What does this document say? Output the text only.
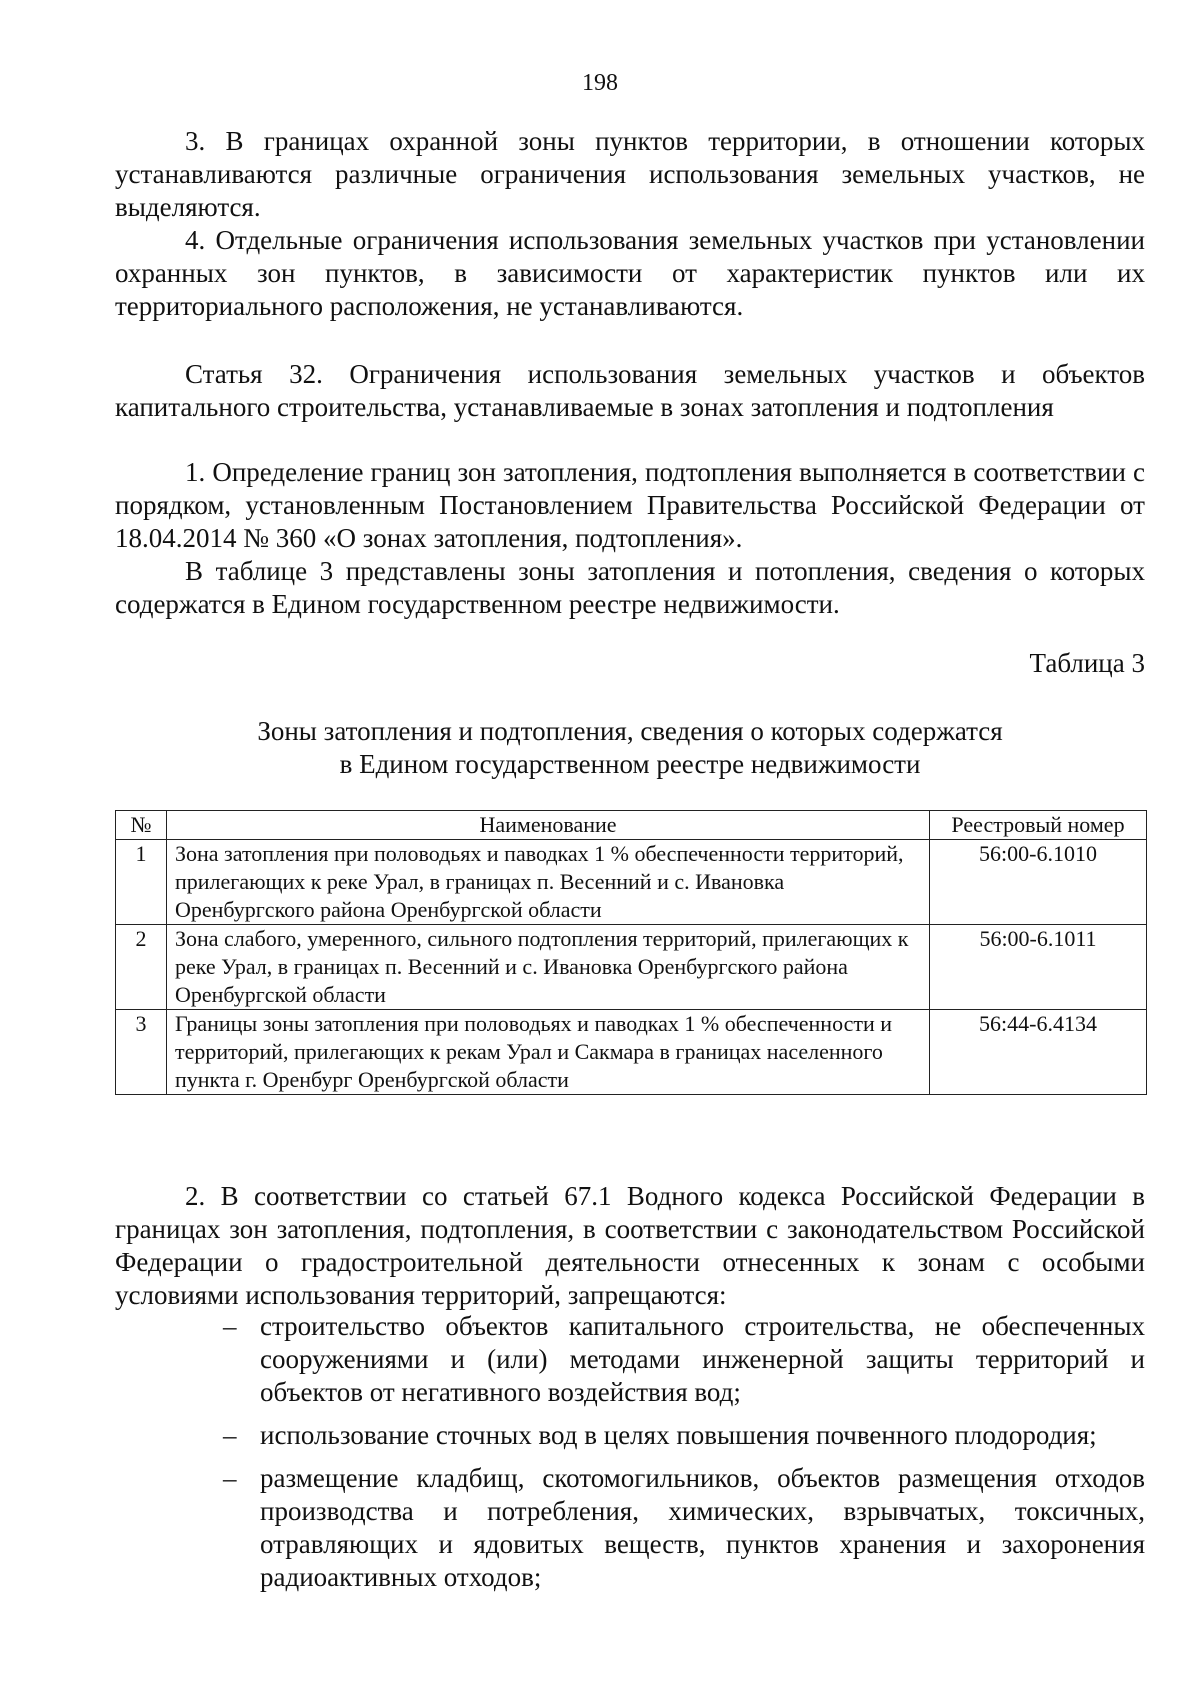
198

3. В границах охранной зоны пунктов территории, в отношении которых устанавливаются различные ограничения использования земельных участков, не выделяются.

4. Отдельные ограничения использования земельных участков при установлении охранных зон пунктов, в зависимости от характеристик пунктов или их территориального расположения, не устанавливаются.

Статья 32. Ограничения использования земельных участков и объектов капитального строительства, устанавливаемые в зонах затопления и подтопления

1. Определение границ зон затопления, подтопления выполняется в соответствии с порядком, установленным Постановлением Правительства Российской Федерации от 18.04.2014 № 360 «О зонах затопления, подтопления».

В таблице 3 представлены зоны затопления и потопления, сведения о которых содержатся в Едином государственном реестре недвижимости.

Таблица 3
Зоны затопления и подтопления, сведения о которых содержатся
в Едином государственном реестре недвижимости
№	Наименование	Реестровый номер
1	Зона затопления при половодьях и паводках 1 % обеспеченности территорий, прилегающих к реке Урал, в границах п. Весенний и с. Ивановка Оренбургского района Оренбургской области	56:00-6.1010
2	Зона слабого, умеренного, сильного подтопления территорий, прилегающих к реке Урал, в границах п. Весенний и с. Ивановка Оренбургского района Оренбургской области	56:00-6.1011
3	Границы зоны затопления при половодьях и паводках 1 % обеспеченности и территорий, прилегающих к рекам Урал и Сакмара в границах населенного пункта г. Оренбург Оренбургской области	56:44-6.4134

2. В соответствии со статьей 67.1 Водного кодекса Российской Федерации в границах зон затопления, подтопления, в соответствии с законодательством Российской Федерации о градостроительной деятельности отнесенных к зонам с особыми условиями использования территорий, запрещаются:

– строительство объектов капитального строительства, не обеспеченных сооружениями и (или) методами инженерной защиты территорий и объектов от негативного воздействия вод;
– использование сточных вод в целях повышения почвенного плодородия;
– размещение кладбищ, скотомогильников, объектов размещения отходов производства и потребления, химических, взрывчатых, токсичных, отравляющих и ядовитых веществ, пунктов хранения и захоронения радиоактивных отходов;
